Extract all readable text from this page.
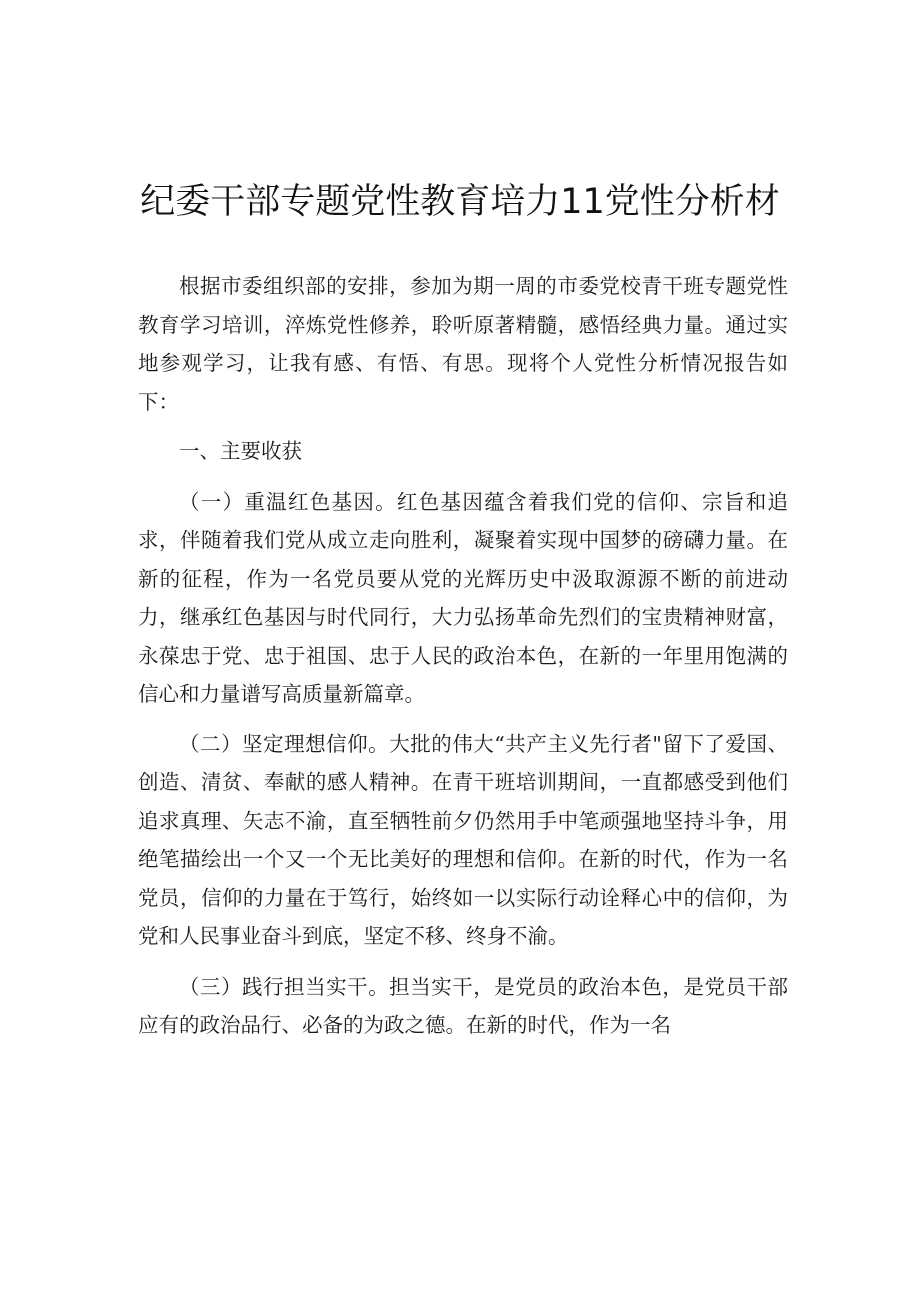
纪委干部专题党性教育培力11党性分析材

根据市委组织部的安排，参加为期一周的市委党校青干班专题党性教育学习培训，淬炼党性修养，聆听原著精髓，感悟经典力量。通过实地参观学习，让我有感、有悟、有思。现将个人党性分析情况报告如下：

一、主要收获

（一）重温红色基因。红色基因蕴含着我们党的信仰、宗旨和追求，伴随着我们党从成立走向胜利，凝聚着实现中国梦的磅礴力量。在新的征程，作为一名党员要从党的光辉历史中汲取源源不断的前进动力，继承红色基因与时代同行，大力弘扬革命先烈们的宝贵精神财富，永葆忠于党、忠于祖国、忠于人民的政治本色，在新的一年里用饱满的信心和力量谱写高质量新篇章。

（二）坚定理想信仰。大批的伟大“共产主义先行者"留下了爱国、创造、清贫、奉献的感人精神。在青干班培训期间，一直都感受到他们追求真理、矢志不渝，直至牺牲前夕仍然用手中笔顽强地坚持斗争，用绝笔描绘出一个又一个无比美好的理想和信仰。在新的时代，作为一名党员，信仰的力量在于笃行，始终如一以实际行动诠释心中的信仰，为党和人民事业奋斗到底，坚定不移、终身不渝。

（三）践行担当实干。担当实干，是党员的政治本色，是党员干部应有的政治品行、必备的为政之德。在新的时代，作为一名
